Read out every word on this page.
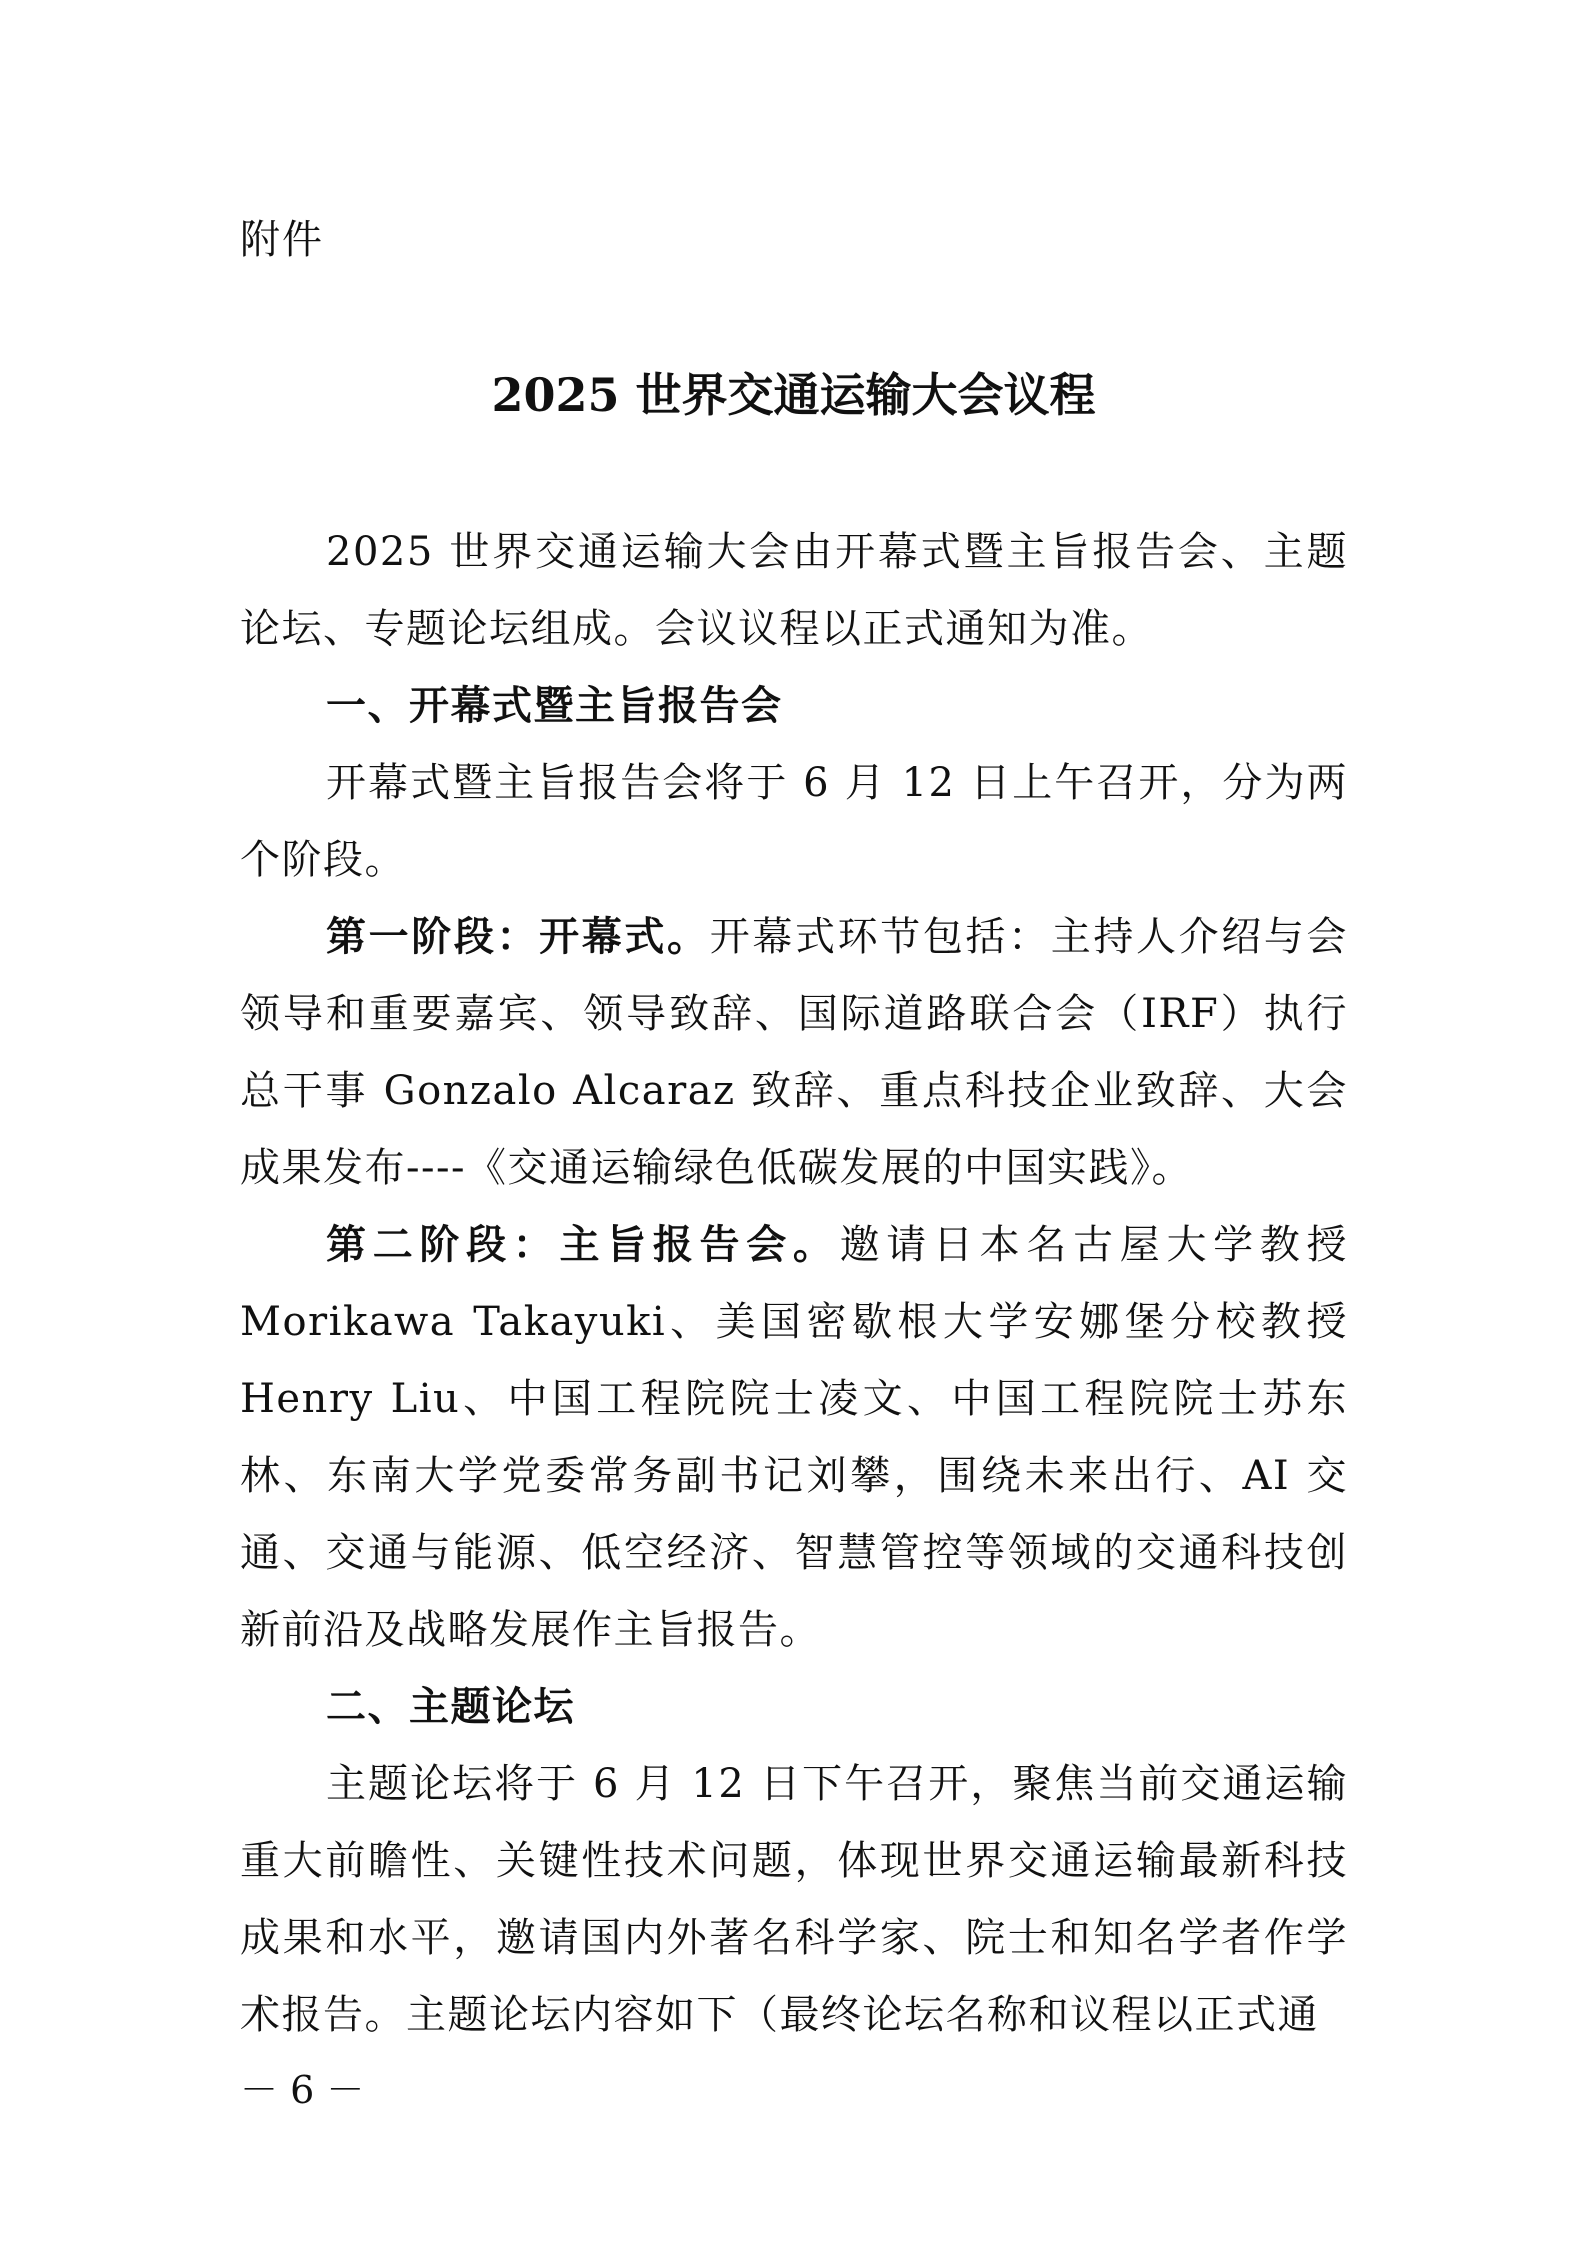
附件
2025 世界交通运输大会议程

2025 世界交通运输大会由开幕式暨主旨报告会、主题论坛、专题论坛组成。会议议程以正式通知为准。

一、开幕式暨主旨报告会

开幕式暨主旨报告会将于 6 月 12 日上午召开，分为两个阶段。

第一阶段：开幕式。开幕式环节包括：主持人介绍与会领导和重要嘉宾、领导致辞、国际道路联合会（IRF）执行总干事 Gonzalo Alcaraz 致辞、重点科技企业致辞、大会成果发布----《交通运输绿色低碳发展的中国实践》。

第二阶段：主旨报告会。邀请日本名古屋大学教授 Morikawa Takayuki、美国密歇根大学安娜堡分校教授 Henry Liu、中国工程院院士凌文、中国工程院院士苏东林、东南大学党委常务副书记刘攀，围绕未来出行、AI 交通、交通与能源、低空经济、智慧管控等领域的交通科技创新前沿及战略发展作主旨报告。

二、主题论坛

主题论坛将于 6 月 12 日下午召开，聚焦当前交通运输重大前瞻性、关键性技术问题，体现世界交通运输最新科技成果和水平，邀请国内外著名科学家、院士和知名学者作学术报告。主题论坛内容如下（最终论坛名称和议程以正式通

－ 6 －
